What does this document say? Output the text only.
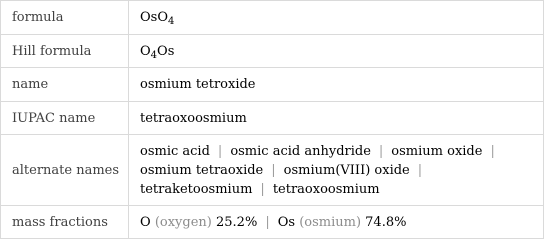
formula	OsO$_4$
Hill formula	$O_4Os$
name	osmium tetroxide
IUPAC name	tetraoxoosmium
alternate names	osmic acid | osmic acid anhydride | osmium oxide |
osmium tetraoxide | osmium(VIII) oxide |
tetraketoosmium | tetraoxoosmium

mass fractions	O (oxygen) 25.2% | Os (osmium) 74.8%
